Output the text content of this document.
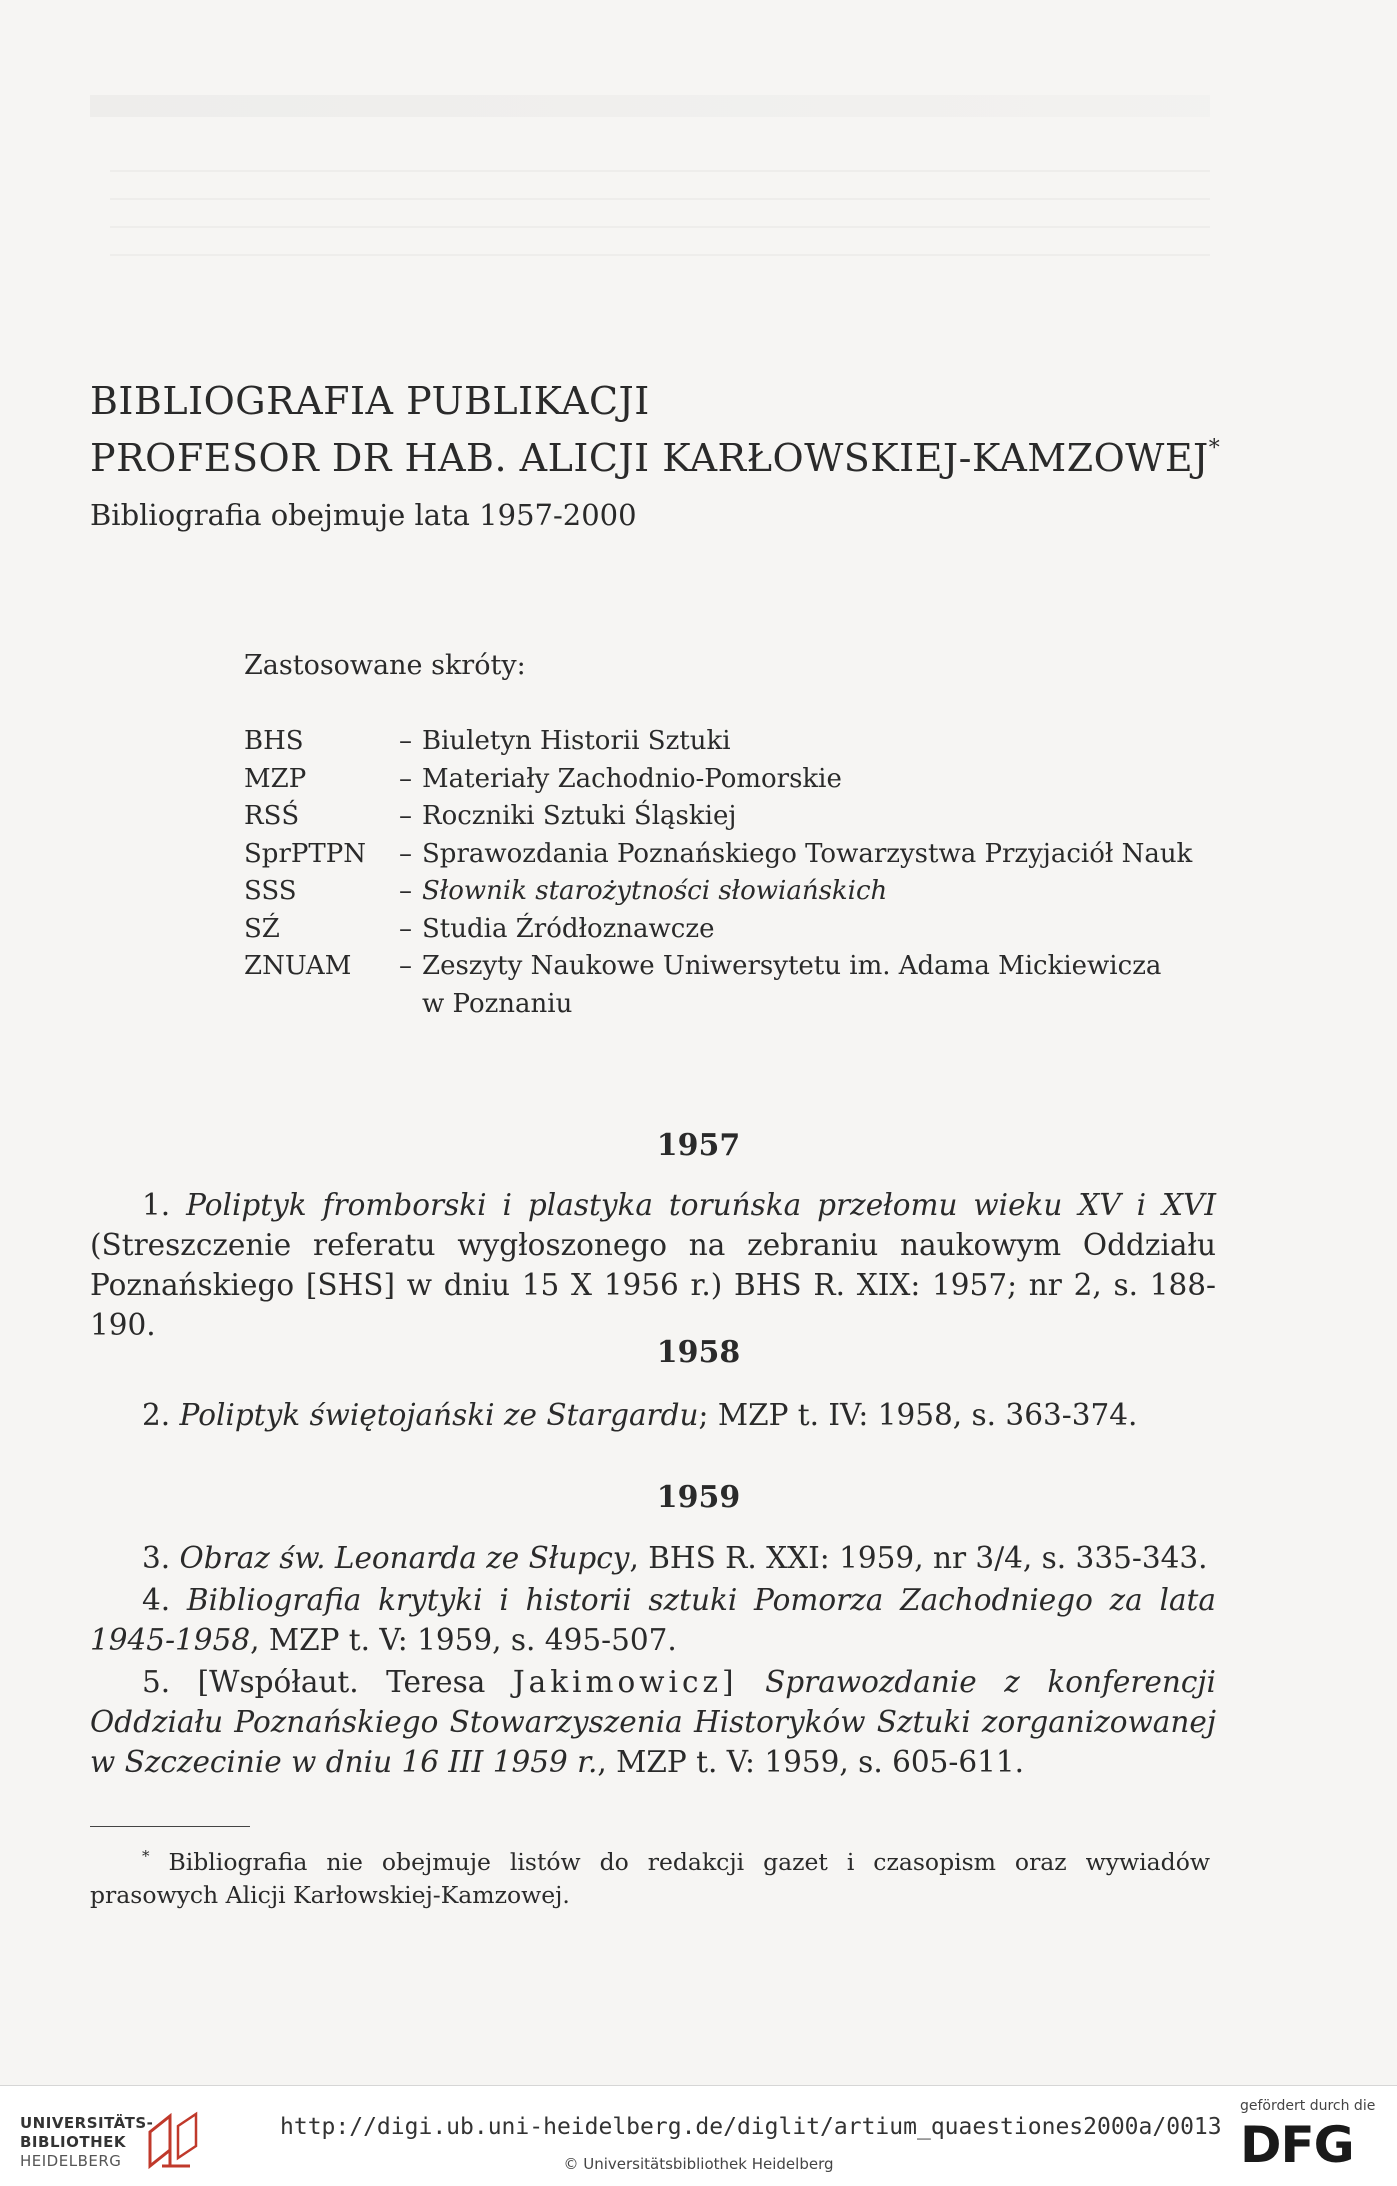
BIBLIOGRAFIA PUBLIKACJI
PROFESOR DR HAB. ALICJI KARŁOWSKIEJ-KAMZOWEJ*
Bibliografia obejmuje lata 1957-2000
Zastosowane skróty:
BHS	– Biuletyn Historii Sztuki
MZP	– Materiały Zachodnio-Pomorskie
RSŚ	– Roczniki Sztuki Śląskiej
SprPTPN	– Sprawozdania Poznańskiego Towarzystwa Przyjaciół Nauk
SSS	– Słownik starożytności słowiańskich
SŹ	– Studia Źródłoznawcze
ZNUAM	– Zeszyty Naukowe Uniwersytetu im. Adama Mickiewicza
w Poznaniu
1957
1. Poliptyk fromborski i plastyka toruńska przełomu wieku XV i XVI (Streszczenie referatu wygłoszonego na zebraniu naukowym Oddziału Poznańskiego [SHS] w dniu 15 X 1956 r.) BHS R. XIX: 1957; nr 2, s. 188-190.
1958
2. Poliptyk świętojański ze Stargardu; MZP t. IV: 1958, s. 363-374.
1959
3. Obraz św. Leonarda ze Słupcy, BHS R. XXI: 1959, nr 3/4, s. 335-343.
4. Bibliografia krytyki i historii sztuki Pomorza Zachodniego za lata 1945-1958, MZP t. V: 1959, s. 495-507.
5. [Współaut. Teresa Jakimowicz] Sprawozdanie z konferencji Oddziału Poznańskiego Stowarzyszenia Historyków Sztuki zorganizowanej w Szczecinie w dniu 16 III 1959 r., MZP t. V: 1959, s. 605-611.
* Bibliografia nie obejmuje listów do redakcji gazet i czasopism oraz wywiadów prasowych Alicji Karłowskiej-Kamzowej.
UNIVERSITÄTS-
BIBLIOTHEK
HEIDELBERG
http://digi.ub.uni-heidelberg.de/diglit/artium_quaestiones2000a/0013
© Universitätsbibliothek Heidelberg
gefördert durch die
DFG
